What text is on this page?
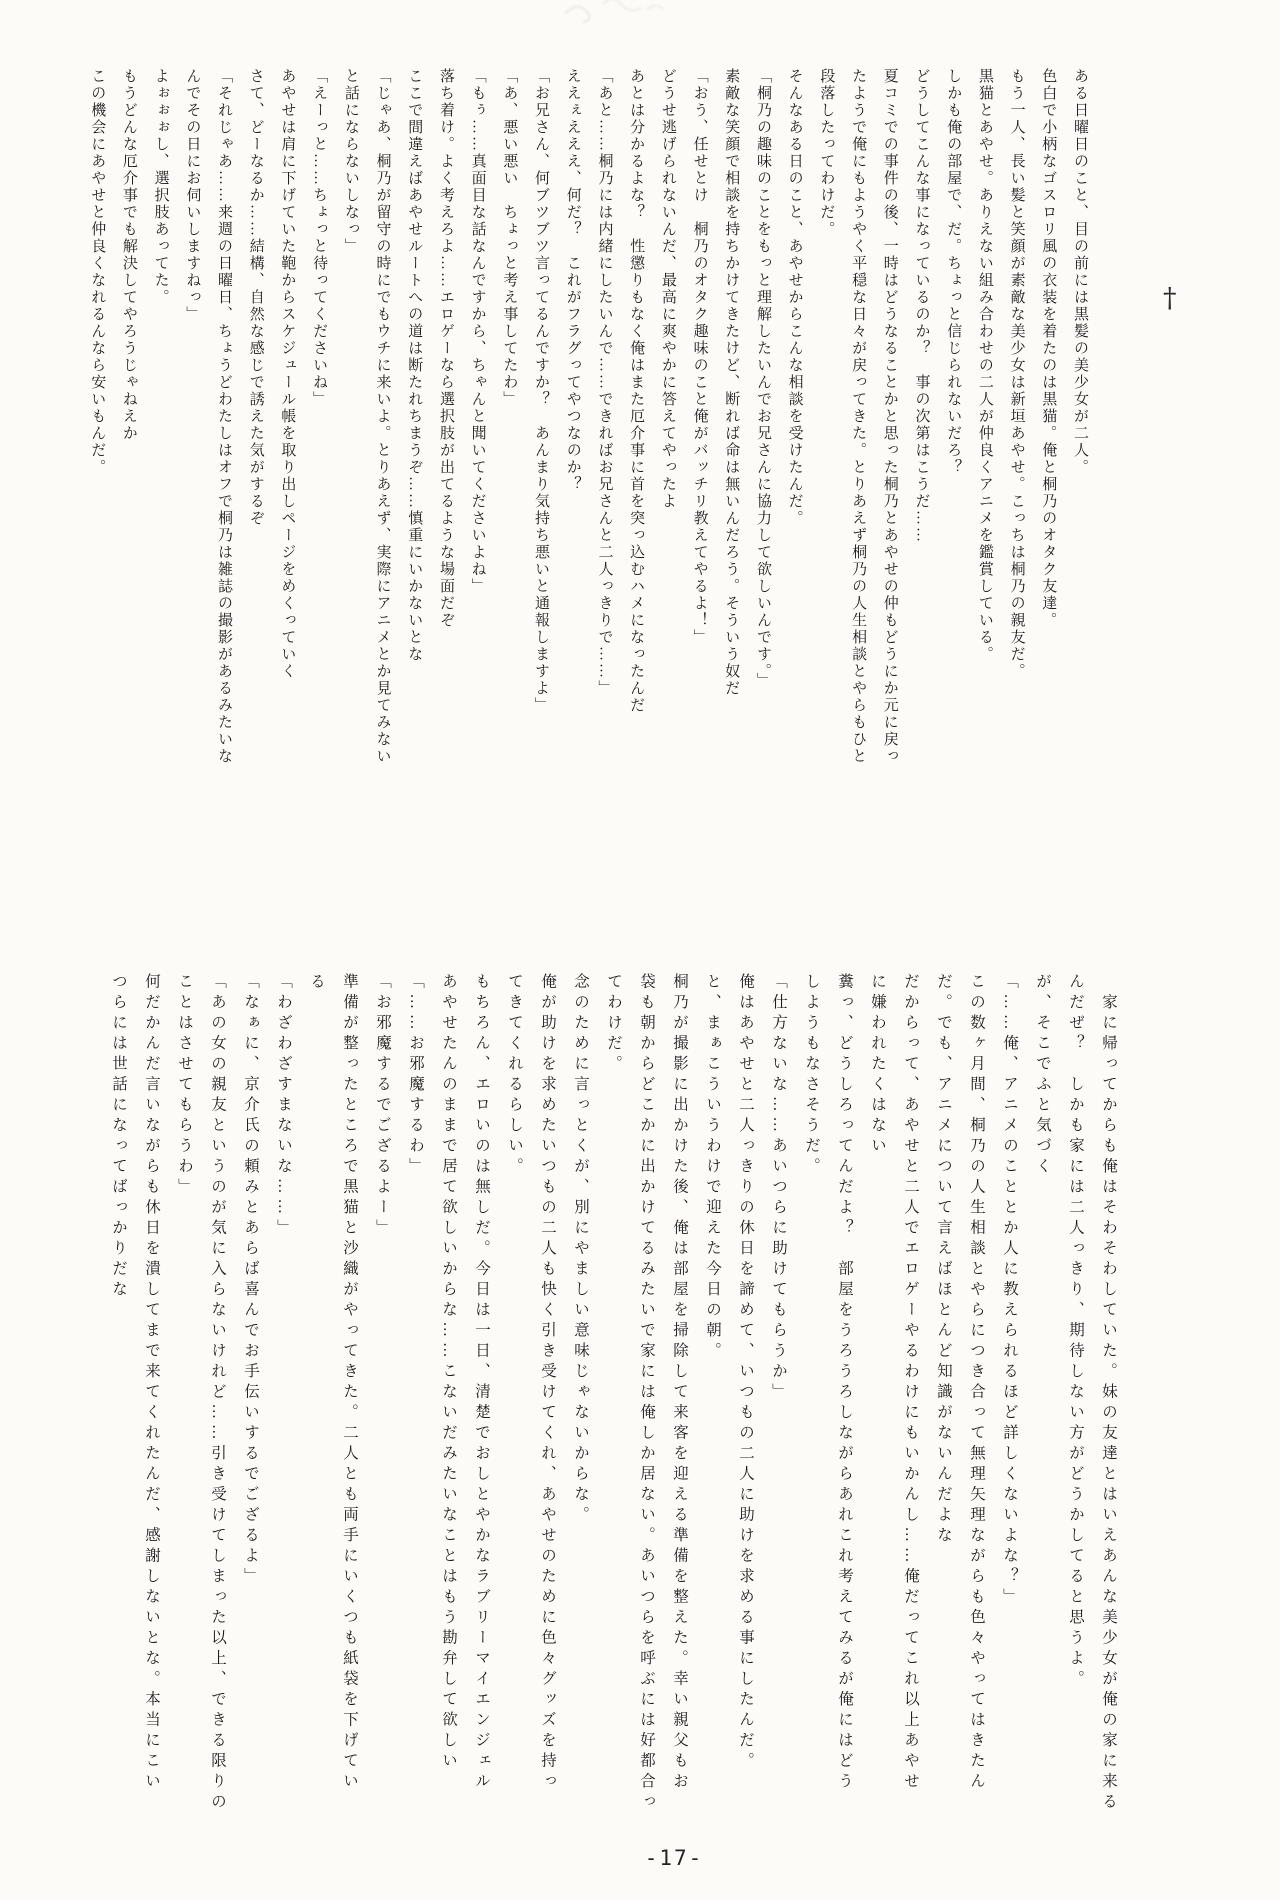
†
ある日曜日のこと、目の前には黒髪の美少女が二人。
色白で小柄なゴスロリ風の衣装を着たのは黒猫。俺と桐乃のオタク友達。
もう一人、長い髪と笑顔が素敵な美少女は新垣あやせ。こっちは桐乃の親友だ。
黒猫とあやせ。ありえない組み合わせの二人が仲良くアニメを鑑賞している。
しかも俺の部屋で、だ。ちょっと信じられないだろ？
どうしてこんな事になっているのか？　事の次第はこうだ……
夏コミでの事件の後、一時はどうなることかと思った桐乃とあやせの仲もどうにか元に戻っ
たようで俺にもようやく平穏な日々が戻ってきた。とりあえず桐乃の人生相談とやらもひと
段落したってわけだ。
そんなある日のこと、あやせからこんな相談を受けたんだ。
「桐乃の趣味のことをもっと理解したいんでお兄さんに協力して欲しいんです。」
素敵な笑顔で相談を持ちかけてきたけど、断れば命は無いんだろう。そういう奴だ
「おう、任せとけ　桐乃のオタク趣味のこと俺がバッチリ教えてやるよ！」
どうせ逃げられないんだ、最高に爽やかに答えてやったよ
あとは分かるよな？　性懲りもなく俺はまた厄介事に首を突っ込むハメになったんだ
「あと……桐乃には内緒にしたいんで……できればお兄さんと二人っきりで……」
ええぇえええ、何だ？　これがフラグってやつなのか？
「お兄さん、何ブツブツ言ってるんですか？　あんまり気持ち悪いと通報しますよ」
「あ、悪い悪い　ちょっと考え事してたわ」
「もぅ……真面目な話なんですから、ちゃんと聞いてくださいよね」
落ち着け。よく考えろよ……エロゲーなら選択肢が出てるような場面だぞ
ここで間違えばあやせルートへの道は断たれちまうぞ……慎重にいかないとな
「じゃあ、桐乃が留守の時にでもウチに来いよ。とりあえず、実際にアニメとか見てみない
と話にならないしなっ」
「えーっと……ちょっと待ってくださいね」
あやせは肩に下げていた鞄からスケジュール帳を取り出しページをめくっていく
さて、どーなるか……結構、自然な感じで誘えた気がするぞ
「それじゃあ……来週の日曜日、ちょうどわたしはオフで桐乃は雑誌の撮影があるみたいな
んでその日にお伺いしますねっ」
よぉぉぉし、選択肢あってた。
もうどんな厄介事でも解決してやろうじゃねえか
この機会にあやせと仲良くなれるんなら安いもんだ。
　家に帰ってからも俺はそわそわしていた。妹の友達とはいえあんな美少女が俺の家に来る
んだぜ？　しかも家には二人っきり、期待しない方がどうかしてると思うよ。
が、そこでふと気づく
「……俺、アニメのこととか人に教えられるほど詳しくないよな？」
この数ヶ月間、桐乃の人生相談とやらにつき合って無理矢理ながらも色々やってはきたん
だ。でも、アニメについて言えばほとんど知識がないんだよな
だからって、あやせと二人でエロゲーやるわけにもいかんし……俺だってこれ以上あやせ
に嫌われたくはない
糞っ、どうしろってんだよ？　部屋をうろうろしながらあれこれ考えてみるが俺にはどう
しようもなさそうだ。
「仕方ないな……あいつらに助けてもらうか」
俺はあやせと二人っきりの休日を諦めて、いつもの二人に助けを求める事にしたんだ。
と、まぁこういうわけで迎えた今日の朝。
桐乃が撮影に出かけた後、俺は部屋を掃除して来客を迎える準備を整えた。幸い親父もお
袋も朝からどこかに出かけてるみたいで家には俺しか居ない。あいつらを呼ぶには好都合っ
てわけだ。
念のために言っとくが、別にやましい意味じゃないからな。
俺が助けを求めたいつもの二人も快く引き受けてくれ、あやせのために色々グッズを持っ
てきてくれるらしい。
もちろん、エロいのは無しだ。今日は一日、清楚でおしとやかなラブリーマイエンジェル
あやせたんのままで居て欲しいからな……こないだみたいなことはもう勘弁して欲しい
「……お邪魔するわ」
「お邪魔するでござるよー」
準備が整ったところで黒猫と沙織がやってきた。二人とも両手にいくつも紙袋を下げてい
る
「わざわざすまないな……」
「なぁに、京介氏の頼みとあらば喜んでお手伝いするでござるよ」
「あの女の親友というのが気に入らないけれど……引き受けてしまった以上、できる限りの
ことはさせてもらうわ」
何だかんだ言いながらも休日を潰してまで来てくれたんだ、感謝しないとな。本当にこい
つらには世話になってばっかりだな
-17-
